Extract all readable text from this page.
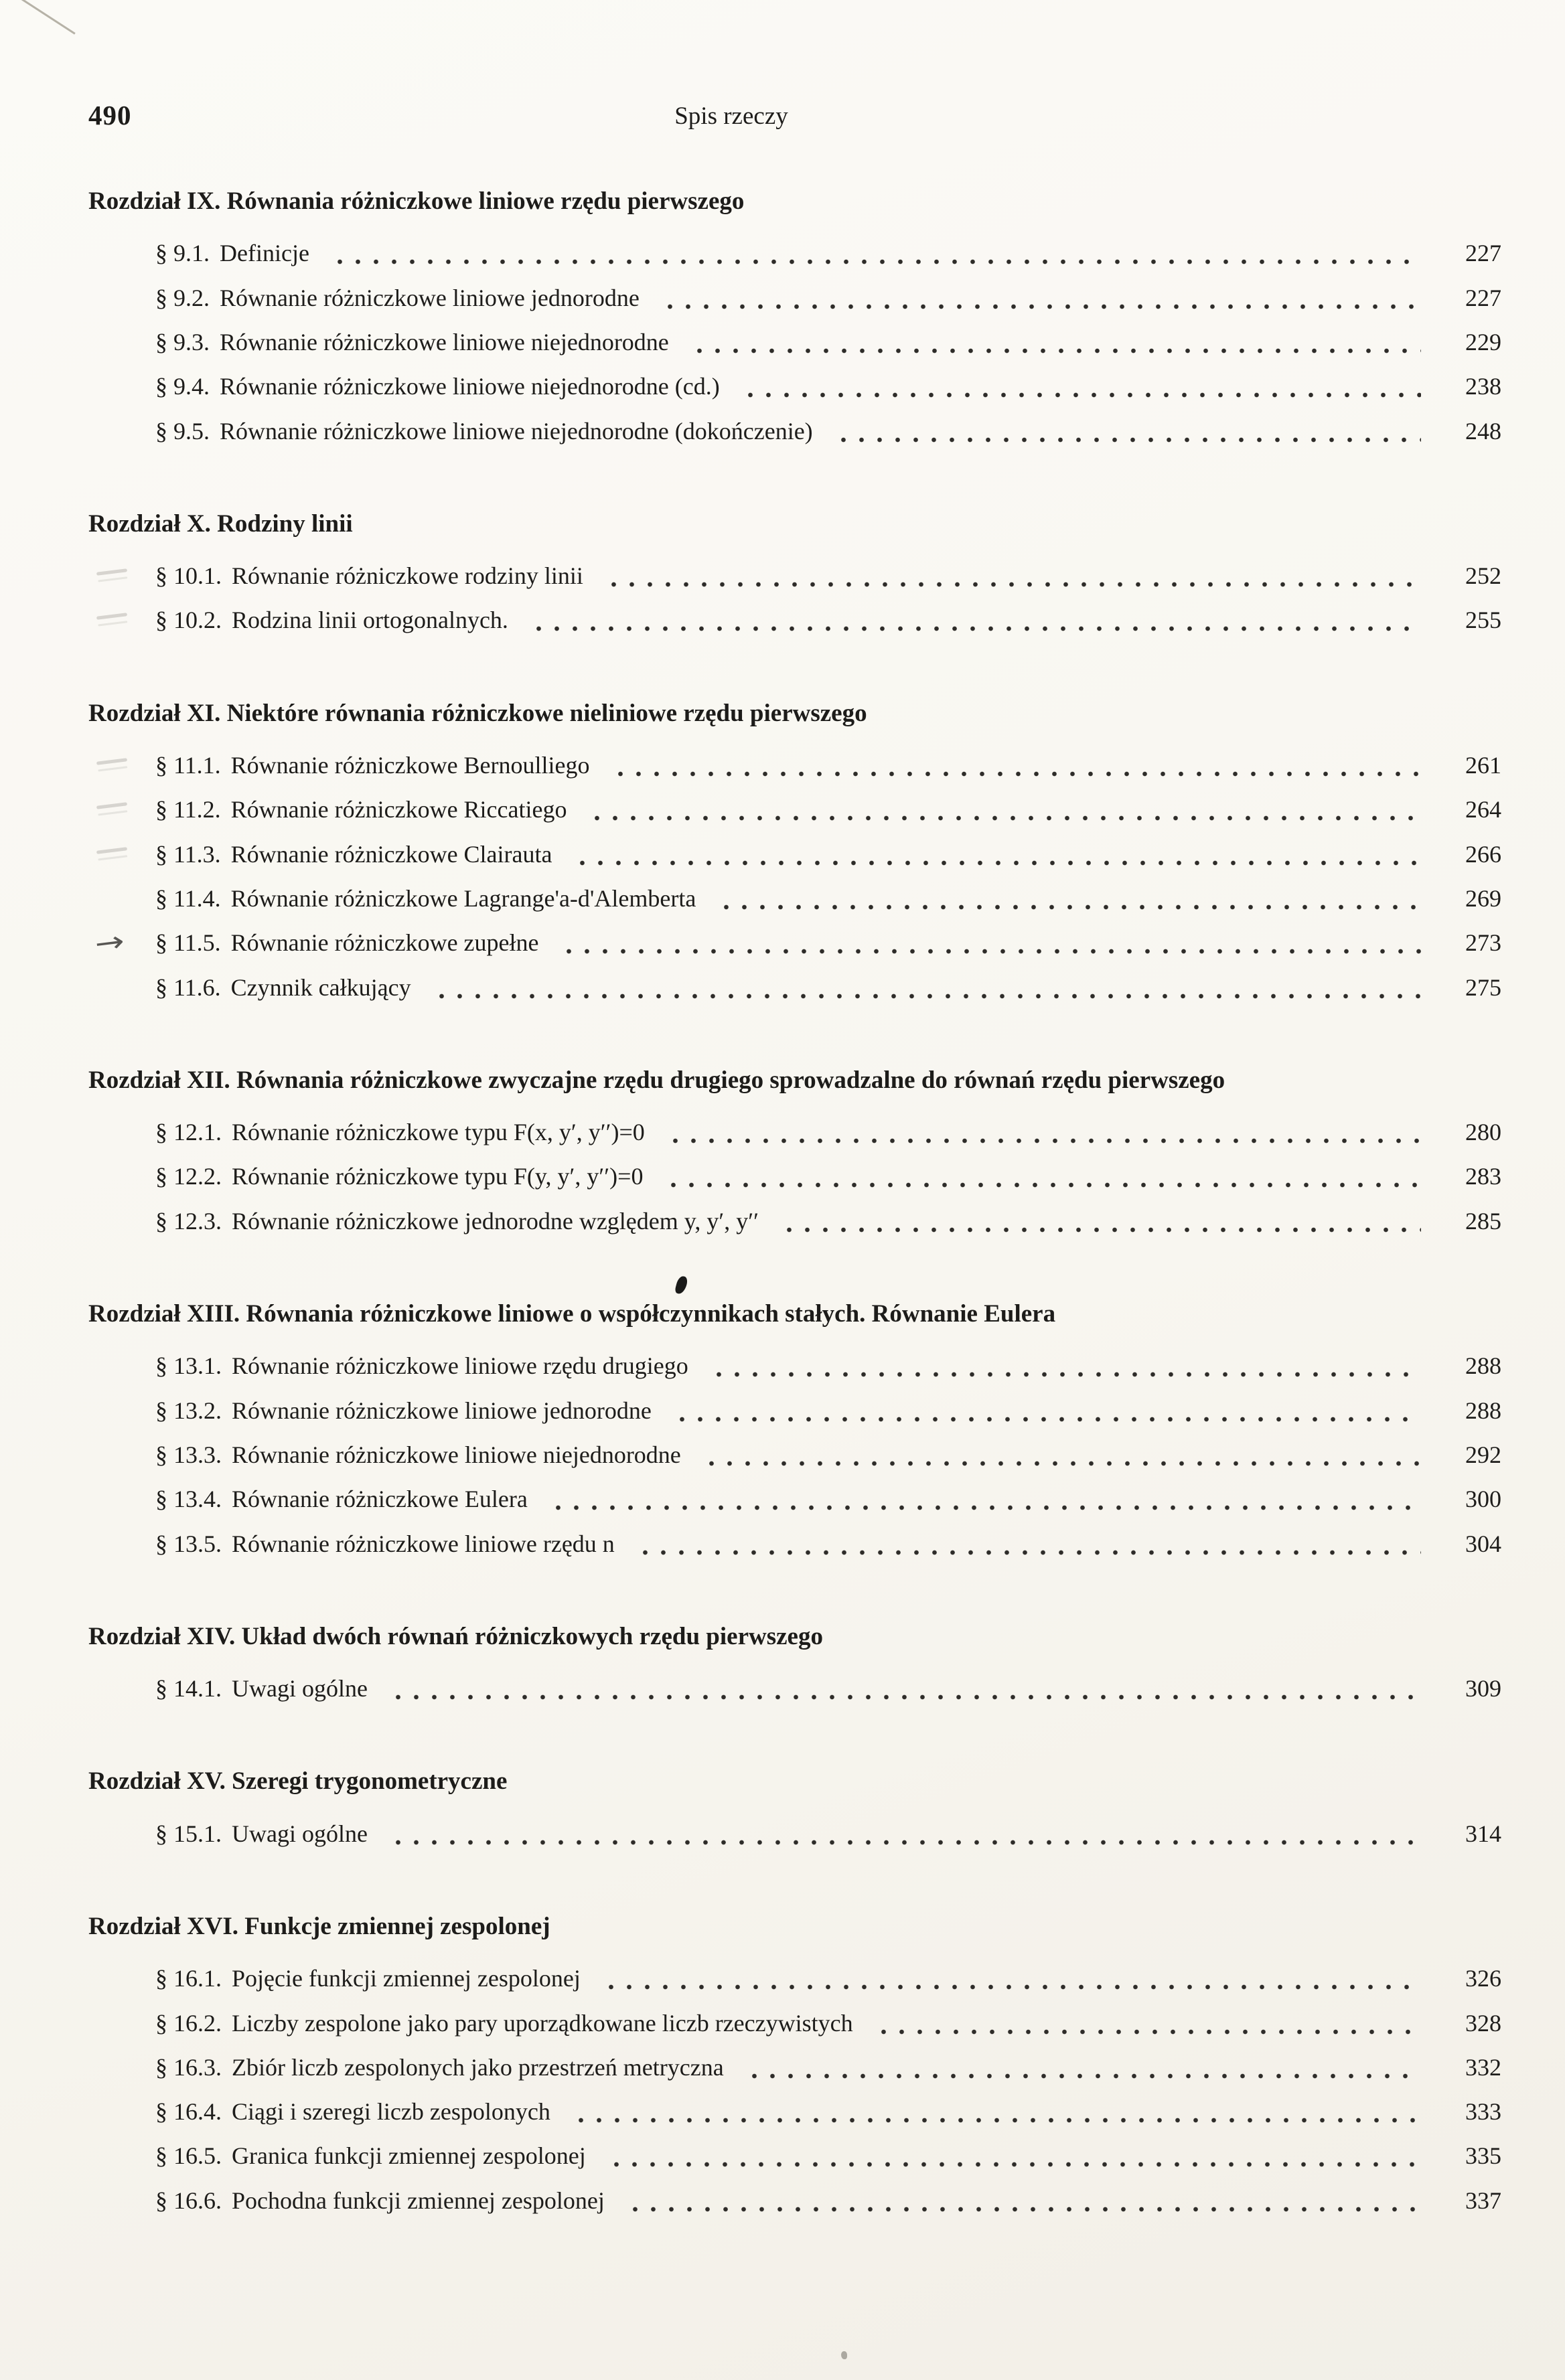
490	Spis rzeczy
Rozdział IX. Równania różniczkowe liniowe rzędu pierwszego
§ 9.1. Definicje	227
§ 9.2. Równanie różniczkowe liniowe jednorodne	227
§ 9.3. Równanie różniczkowe liniowe niejednorodne	229
§ 9.4. Równanie różniczkowe liniowe niejednorodne (cd.)	238
§ 9.5. Równanie różniczkowe liniowe niejednorodne (dokończenie)	248
Rozdział X. Rodziny linii
§ 10.1. Równanie różniczkowe rodziny linii	252
§ 10.2. Rodzina linii ortogonalnych.	255
Rozdział XI. Niektóre równania różniczkowe nieliniowe rzędu pierwszego
§ 11.1. Równanie różniczkowe Bernoulliego	261
§ 11.2. Równanie różniczkowe Riccatiego	264
§ 11.3. Równanie różniczkowe Clairauta	266
§ 11.4. Równanie różniczkowe Lagrange'a-d'Alemberta	269
→ § 11.5. Równanie różniczkowe zupełne	273
§ 11.6. Czynnik całkujący	275
Rozdział XII. Równania różniczkowe zwyczajne rzędu drugiego sprowadzalne do równań rzędu pierwszego
§ 12.1. Równanie różniczkowe typu F(x, y′, y′′)=0	280
§ 12.2. Równanie różniczkowe typu F(y, y′, y′′)=0	283
§ 12.3. Równanie różniczkowe jednorodne względem y, y′, y′′	285
Rozdział XIII. Równania różniczkowe liniowe o współczynnikach stałych. Równanie Eulera
§ 13.1. Równanie różniczkowe liniowe rzędu drugiego	288
§ 13.2. Równanie różniczkowe liniowe jednorodne	288
§ 13.3. Równanie różniczkowe liniowe niejednorodne	292
§ 13.4. Równanie różniczkowe Eulera	300
§ 13.5. Równanie różniczkowe liniowe rzędu n	304
Rozdział XIV. Układ dwóch równań różniczkowych rzędu pierwszego
§ 14.1. Uwagi ogólne	309
Rozdział XV. Szeregi trygonometryczne
§ 15.1. Uwagi ogólne	314
Rozdział XVI. Funkcje zmiennej zespolonej
§ 16.1. Pojęcie funkcji zmiennej zespolonej	326
§ 16.2. Liczby zespolone jako pary uporządkowane liczb rzeczywistych	328
§ 16.3. Zbiór liczb zespolonych jako przestrzeń metryczna	332
§ 16.4. Ciągi i szeregi liczb zespolonych	333
§ 16.5. Granica funkcji zmiennej zespolonej	335
§ 16.6. Pochodna funkcji zmiennej zespolonej	337
